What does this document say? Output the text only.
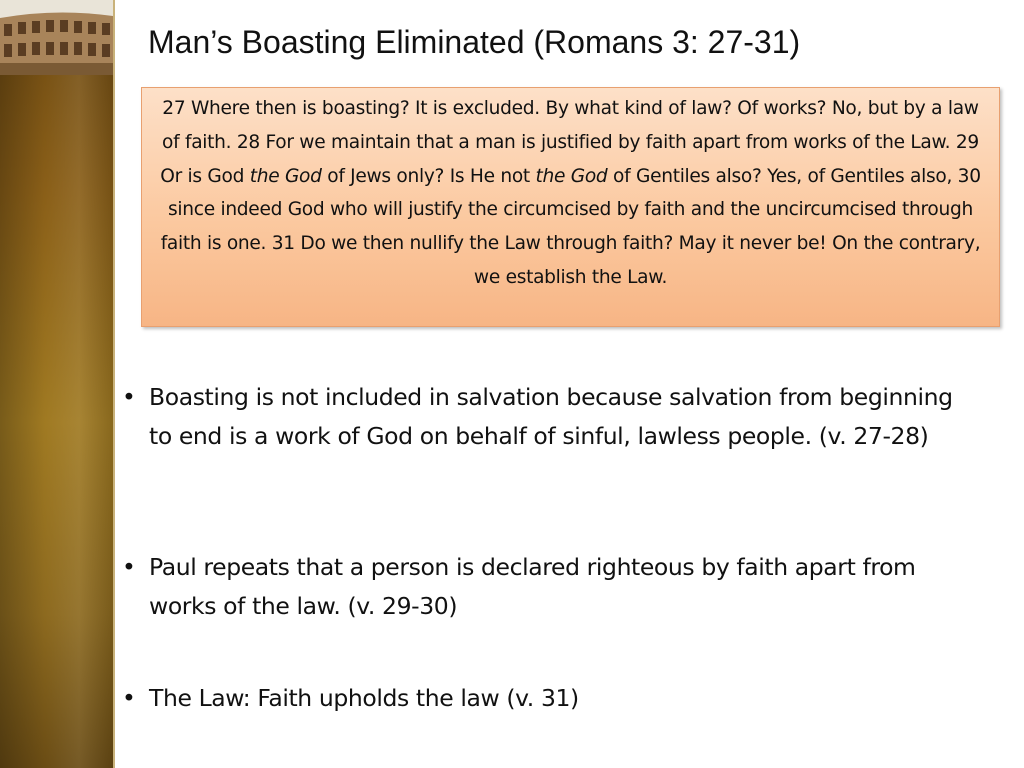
Man’s Boasting Eliminated (Romans 3: 27-31)
27 Where then is boasting? It is excluded. By what kind of law? Of works? No, but by a law of faith. 28 For we maintain that a man is justified by faith apart from works of the Law. 29 Or is God the God of Jews only? Is He not the God of Gentiles also? Yes, of Gentiles also, 30 since indeed God who will justify the circumcised by faith and the uncircumcised through faith is one. 31 Do we then nullify the Law through faith? May it never be! On the contrary, we establish the Law.
• Boasting is not included in salvation because salvation from beginning to end is a work of God on behalf of sinful, lawless people. (v. 27-28)
• Paul repeats that a person is declared righteous by faith apart from works of the law. (v. 29-30)
• The Law: Faith upholds the law (v. 31)
